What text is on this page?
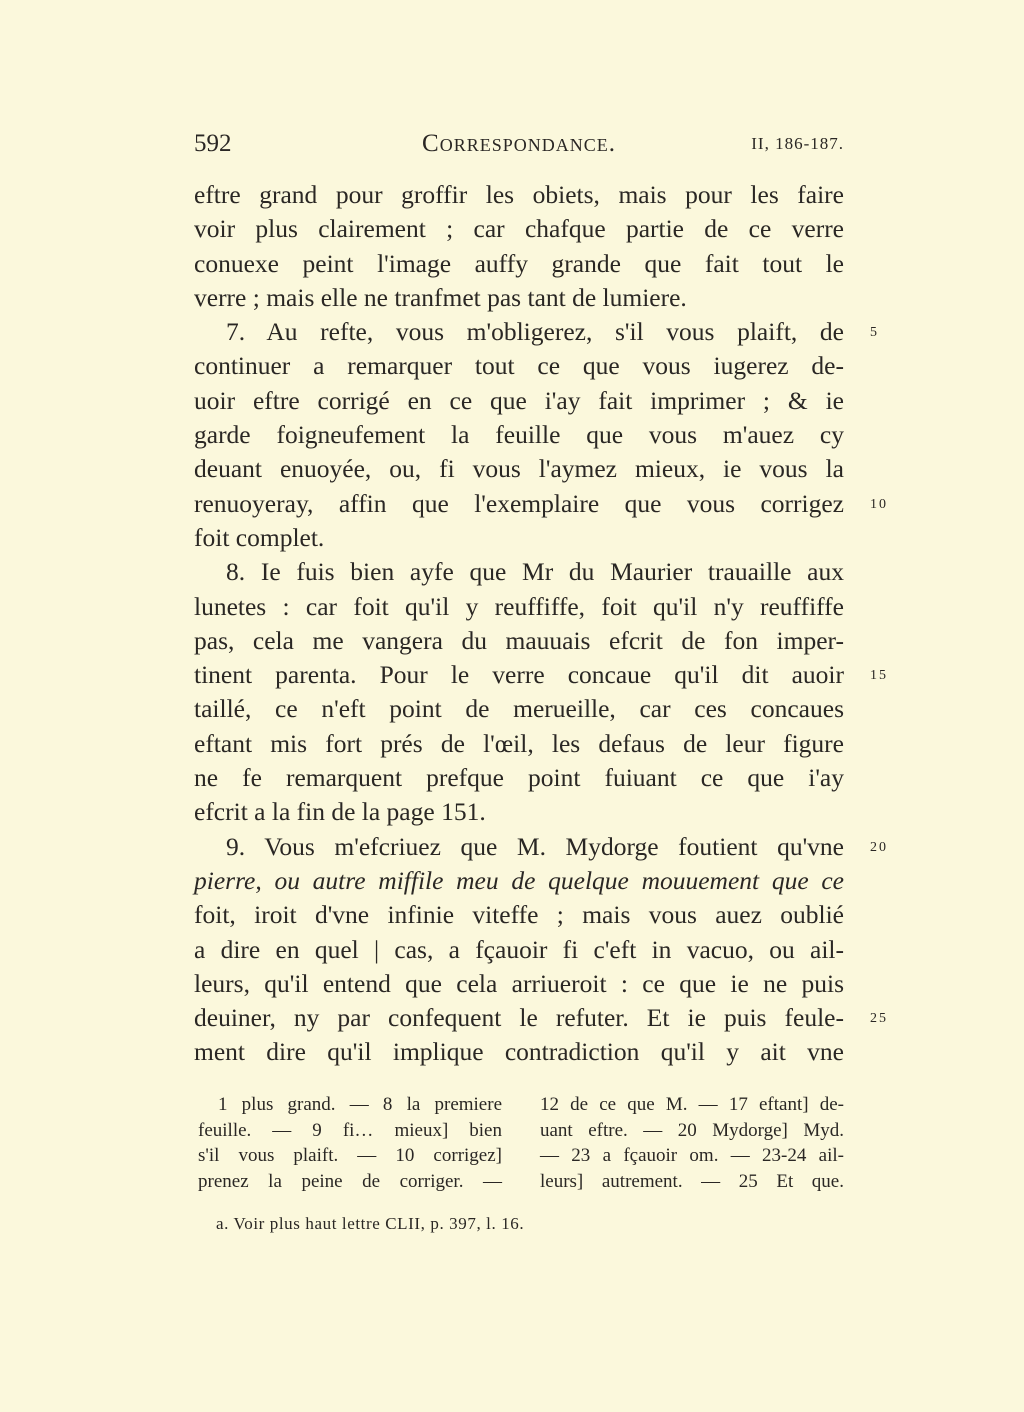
592	Correspondance.	II, 186-187.
eftre grand pour groffir les obiets, mais pour les faire
voir plus clairement ; car chafque partie de ce verre
conuexe peint l'image auffy grande que fait tout le
verre ; mais elle ne tranfmet pas tant de lumiere.
7. Au refte, vous m'obligerez, s'il vous plaift, de
continuer a remarquer tout ce que vous iugerez de-
uoir eftre corrigé en ce que i'ay fait imprimer ; & ie
garde foigneufement la feuille que vous m'auez cy
deuant enuoyée, ou, fi vous l'aymez mieux, ie vous la
renuoyeray, affin que l'exemplaire que vous corrigez
foit complet.
8. Ie fuis bien ayfe que Mr du Maurier trauaille aux
lunetes : car foit qu'il y reuffiffe, foit qu'il n'y reuffiffe
pas, cela me vangera du mauuais efcrit de fon imper-
tinent parenta. Pour le verre concaue qu'il dit auoir
taillé, ce n'eft point de merueille, car ces concaues
eftant mis fort prés de l'œil, les defaus de leur figure
ne fe remarquent prefque point fuiuant ce que i'ay
efcrit a la fin de la page 151.
9. Vous m'efcriuez que M. Mydorge foutient qu'vne
pierre, ou autre miffile meu de quelque mouuement que ce
foit, iroit d'vne infinie viteffe ; mais vous auez oublié
a dire en quel | cas, a fçauoir fi c'eft in vacuo, ou ail-
leurs, qu'il entend que cela arriueroit : ce que ie ne puis
deuiner, ny par confequent le refuter. Et ie puis feule-
ment dire qu'il implique contradiction qu'il y ait vne
5
10
15
20
25
1 plus grand. — 8 la premiere
feuille. — 9 fi… mieux] bien
s'il vous plaift. — 10 corrigez]
prenez la peine de corriger. —
12 de ce que M. — 17 eftant] de-
uant eftre. — 20 Mydorge] Myd.
— 23 a fçauoir om. — 23-24 ail-
leurs] autrement. — 25 Et que.
a. Voir plus haut lettre CLII, p. 397, l. 16.
